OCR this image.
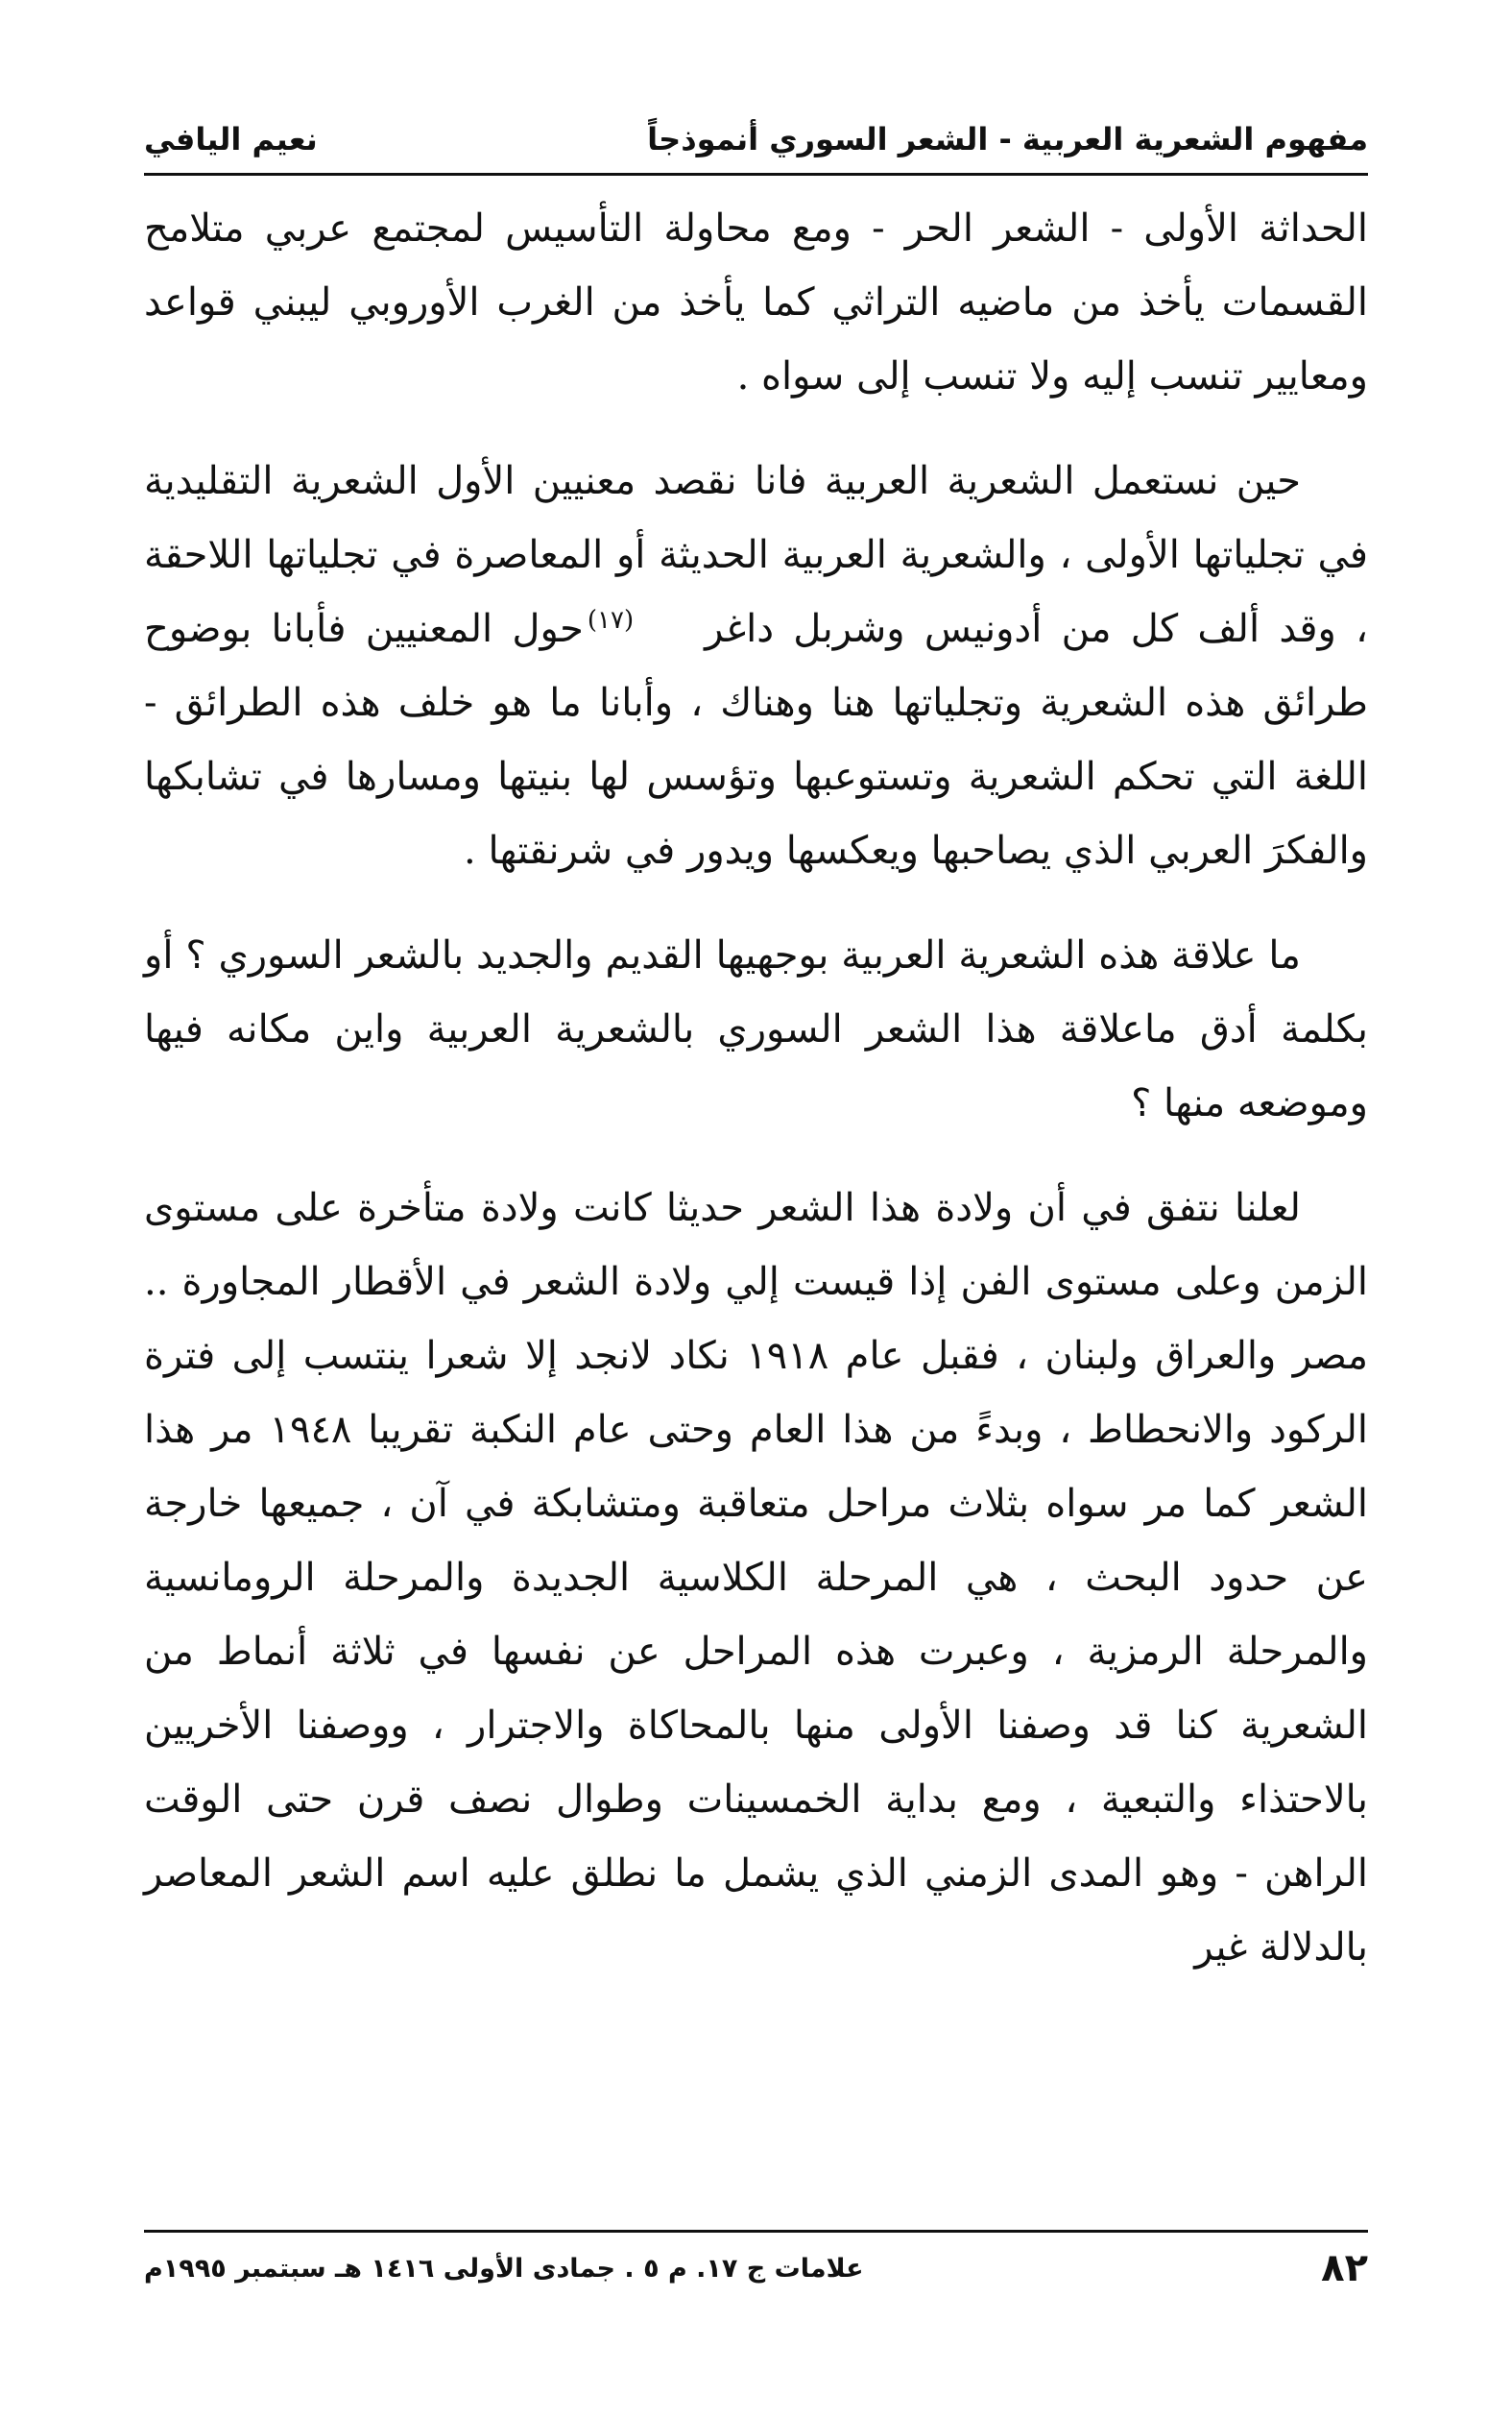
مفهوم الشعرية العربية - الشعر السوري أنموذجاً
نعيم اليافي

الحداثة الأولى - الشعر الحر - ومع محاولة التأسيس لمجتمع عربي متلامح القسمات يأخذ من ماضيه التراثي كما يأخذ من الغرب الأوروبي ليبني قواعد ومعايير تنسب إليه ولا تنسب إلى سواه .

حين نستعمل الشعرية العربية فانا نقصد معنيين الأول الشعرية التقليدية في تجلياتها الأولى ، والشعرية العربية الحديثة أو المعاصرة في تجلياتها اللاحقة ، وقد ألف كل من أدونيس وشربل داغر(١٧)حول المعنيين فأبانا بوضوح طرائق هذه الشعرية وتجلياتها هنا وهناك ، وأبانا ما هو خلف هذه الطرائق - اللغة التي تحكم الشعرية وتستوعبها وتؤسس لها بنيتها ومسارها في تشابكها والفكرَ العربي الذي يصاحبها ويعكسها ويدور في شرنقتها .

ما علاقة هذه الشعرية العربية بوجهيها القديم والجديد بالشعر السوري ؟ أو بكلمة أدق ماعلاقة هذا الشعر السوري بالشعرية العربية واين مكانه فيها وموضعه منها ؟

لعلنا نتفق في أن ولادة هذا الشعر حديثا كانت ولادة متأخرة على مستوى الزمن وعلى مستوى الفن إذا قيست إلي ولادة الشعر في الأقطار المجاورة .. مصر والعراق ولبنان ، فقبل عام ١٩١٨ نكاد لانجد إلا شعرا ينتسب إلى فترة الركود والانحطاط ، وبدءً من هذا العام وحتى عام النكبة تقريبا ١٩٤٨ مر هذا الشعر كما مر سواه بثلاث مراحل متعاقبة ومتشابكة في آن ، جميعها خارجة عن حدود البحث ، هي المرحلة الكلاسية الجديدة والمرحلة الرومانسية والمرحلة الرمزية ، وعبرت هذه المراحل عن نفسها في ثلاثة أنماط من الشعرية كنا قد وصفنا الأولى منها بالمحاكاة والاجترار ، ووصفنا الأخريين بالاحتذاء والتبعية ، ومع بداية الخمسينات وطوال نصف قرن حتى الوقت الراهن - وهو المدى الزمني الذي يشمل ما نطلق عليه اسم الشعر المعاصر بالدلالة غير

٨٢
علامات ج ١٧. م ٥ . جمادى الأولى ١٤١٦ هـ سبتمبر ١٩٩٥م
